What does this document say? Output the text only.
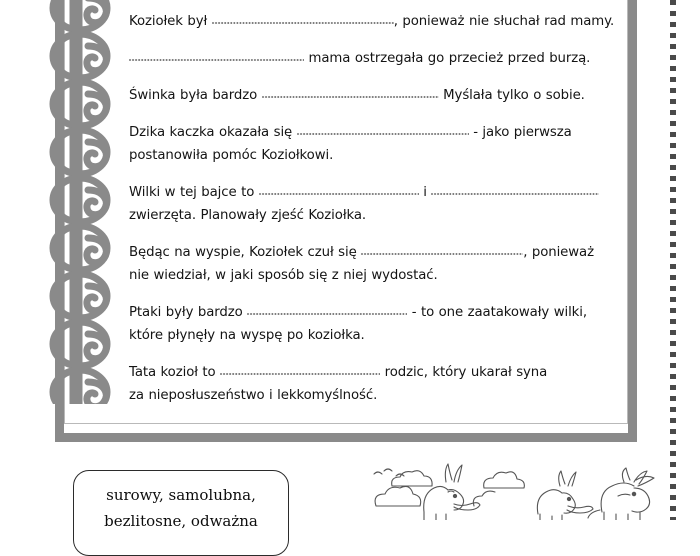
Koziołek był	, ponieważ nie słuchał rad mamy.

mama ostrzegała go przecież przed burzą.

Świnka była bardzo	Myślała tylko o sobie.

Dzika kaczka okazała się	- jako pierwsza
postanowiła pomóc Koziołkowi.

Wilki w tej bajce to	i
zwierzęta. Planowały zjeść Koziołka.

Będąc na wyspie, Koziołek czuł się	, ponieważ
nie wiedział, w jaki sposób się z niej wydostać.

Ptaki były bardzo	- to one zaatakowały wilki,
które płynęły na wyspę po koziołka.

Tata kozioł to	rodzic, który ukarał syna
za nieposłuszeństwo i lekkomyślność.

surowy, samolubna,
bezlitosne, odważna
